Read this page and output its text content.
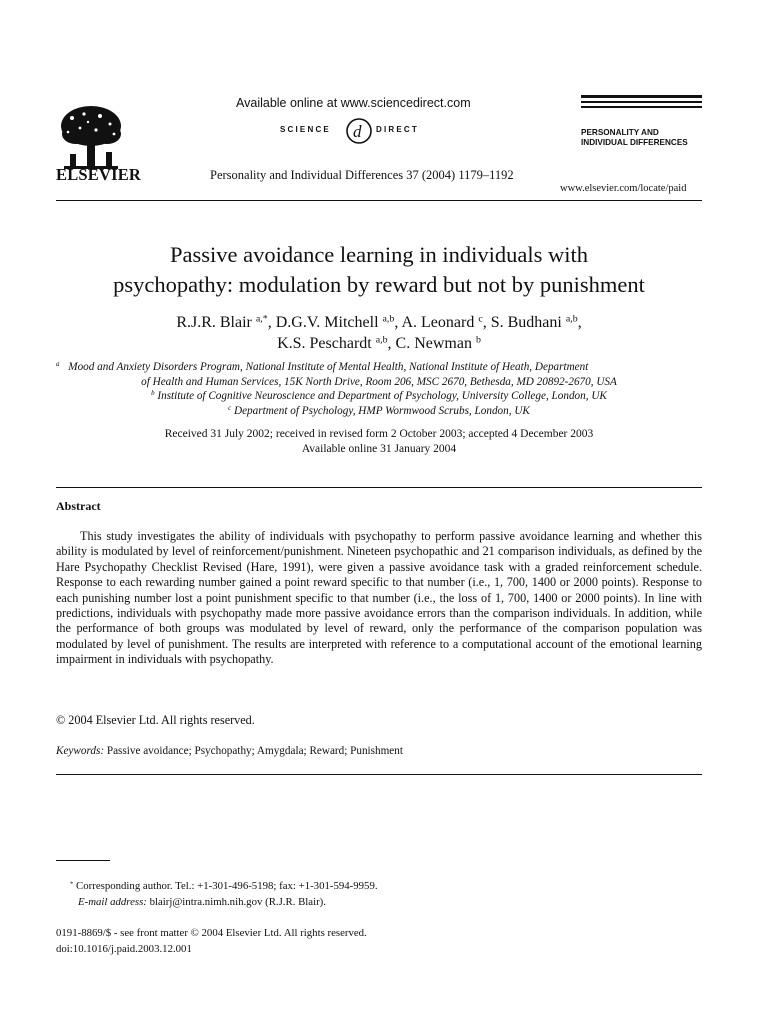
ELSEVIER
Available online at www.sciencedirect.com
SCIENCE d DIRECT
Personality and Individual Differences 37 (2004) 1179–1192
PERSONALITY AND
INDIVIDUAL DIFFERENCES
www.elsevier.com/locate/paid
Passive avoidance learning in individuals with
psychopathy: modulation by reward but not by punishment
R.J.R. Blair $^{a,*}$, D.G.V. Mitchell $^{a,b}$, A. Leonard $^c$, S. Budhani $^{a,b}$,
K.S. Peschardt $^{a,b}$, C. Newman $^b$
$^a$ Mood and Anxiety Disorders Program, National Institute of Mental Health, National Institute of Heath, Department
of Health and Human Services, 15K North Drive, Room 206, MSC 2670, Bethesda, MD 20892-2670, USA
$^b$ Institute of Cognitive Neuroscience and Department of Psychology, University College, London, UK
$^c$ Department of Psychology, HMP Wormwood Scrubs, London, UK
Received 31 July 2002; received in revised form 2 October 2003; accepted 4 December 2003
Available online 31 January 2004
Abstract
This study investigates the ability of individuals with psychopathy to perform passive avoidance learning and whether this ability is modulated by level of reinforcement/punishment. Nineteen psychopathic and 21 comparison individuals, as defined by the Hare Psychopathy Checklist Revised (Hare, 1991), were given a passive avoidance task with a graded reinforcement schedule. Response to each rewarding number gained a point reward specific to that number (i.e., 1, 700, 1400 or 2000 points). Response to each punishing number lost a point punishment specific to that number (i.e., the loss of 1, 700, 1400 or 2000 points). In line with predictions, individuals with psychopathy made more passive avoidance errors than the comparison individuals. In addition, while the performance of both groups was modulated by level of reward, only the performance of the comparison population was modulated by level of punishment. The results are interpreted with reference to a computational account of the emotional learning impairment in individuals with psychopathy.
© 2004 Elsevier Ltd. All rights reserved.
Keywords: Passive avoidance; Psychopathy; Amygdala; Reward; Punishment
* Corresponding author. Tel.: +1-301-496-5198; fax: +1-301-594-9959.
E-mail address: blairj@intra.nimh.nih.gov (R.J.R. Blair).
0191-8869/$ - see front matter © 2004 Elsevier Ltd. All rights reserved.
doi:10.1016/j.paid.2003.12.001
